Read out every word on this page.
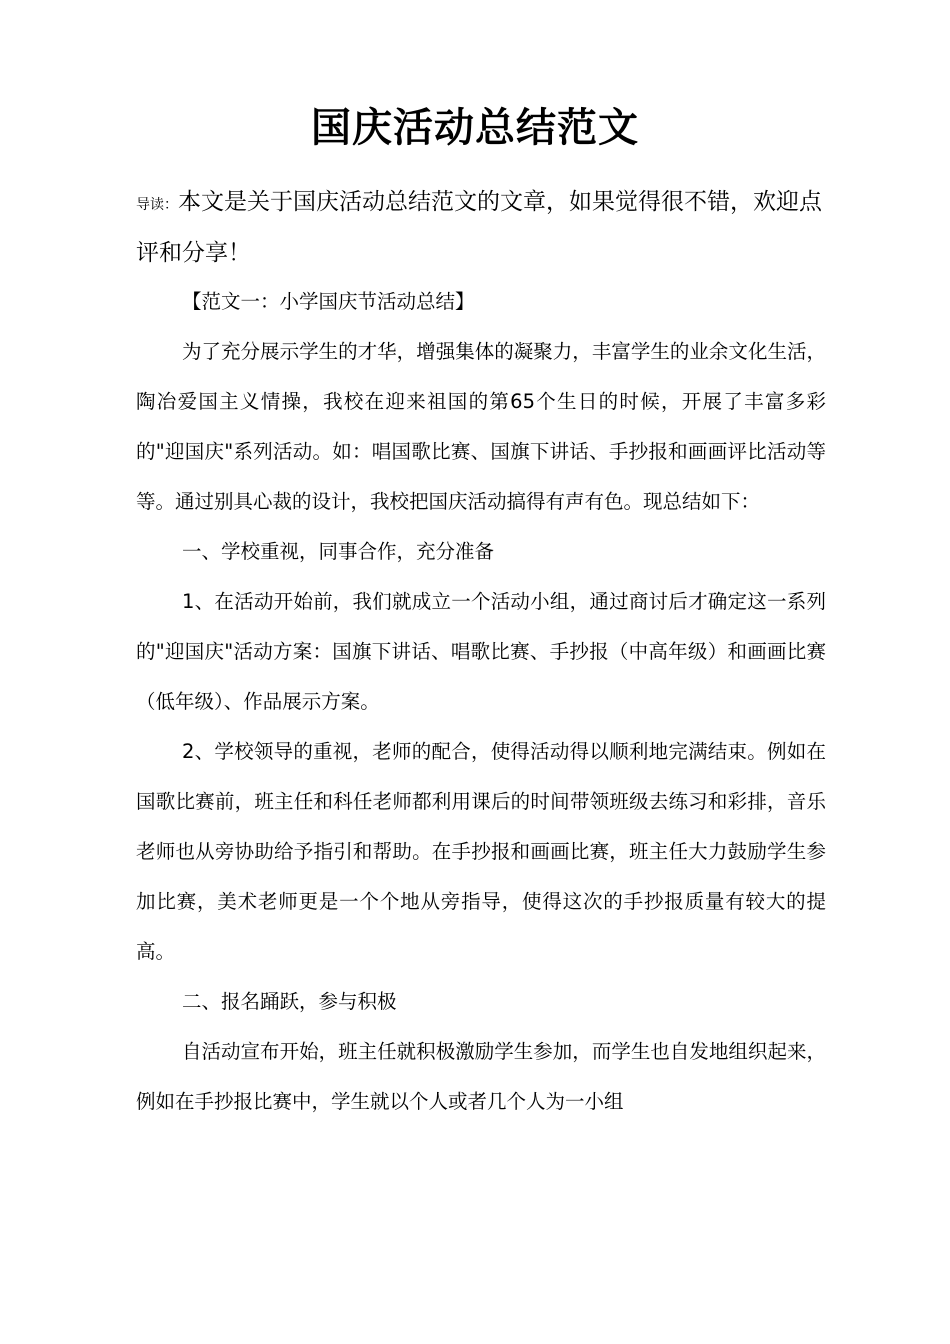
国庆活动总结范文
导读：本文是关于国庆活动总结范文的文章，如果觉得很不错，欢迎点评和分享！

【范文一：小学国庆节活动总结】

为了充分展示学生的才华，增强集体的凝聚力，丰富学生的业余文化生活，陶冶爱国主义情操，我校在迎来祖国的第65个生日的时候，开展了丰富多彩的"迎国庆"系列活动。如：唱国歌比赛、国旗下讲话、手抄报和画画评比活动等等。通过别具心裁的设计，我校把国庆活动搞得有声有色。现总结如下：

一、学校重视，同事合作，充分准备

1、在活动开始前，我们就成立一个活动小组，通过商讨后才确定这一系列的"迎国庆"活动方案：国旗下讲话、唱歌比赛、手抄报（中高年级）和画画比赛（低年级）、作品展示方案。

2、学校领导的重视，老师的配合，使得活动得以顺利地完满结束。例如在国歌比赛前，班主任和科任老师都利用课后的时间带领班级去练习和彩排，音乐老师也从旁协助给予指引和帮助。在手抄报和画画比赛，班主任大力鼓励学生参加比赛，美术老师更是一个个地从旁指导，使得这次的手抄报质量有较大的提高。

二、报名踊跃，参与积极

自活动宣布开始，班主任就积极激励学生参加，而学生也自发地组织起来，例如在手抄报比赛中，学生就以个人或者几个人为一小组
